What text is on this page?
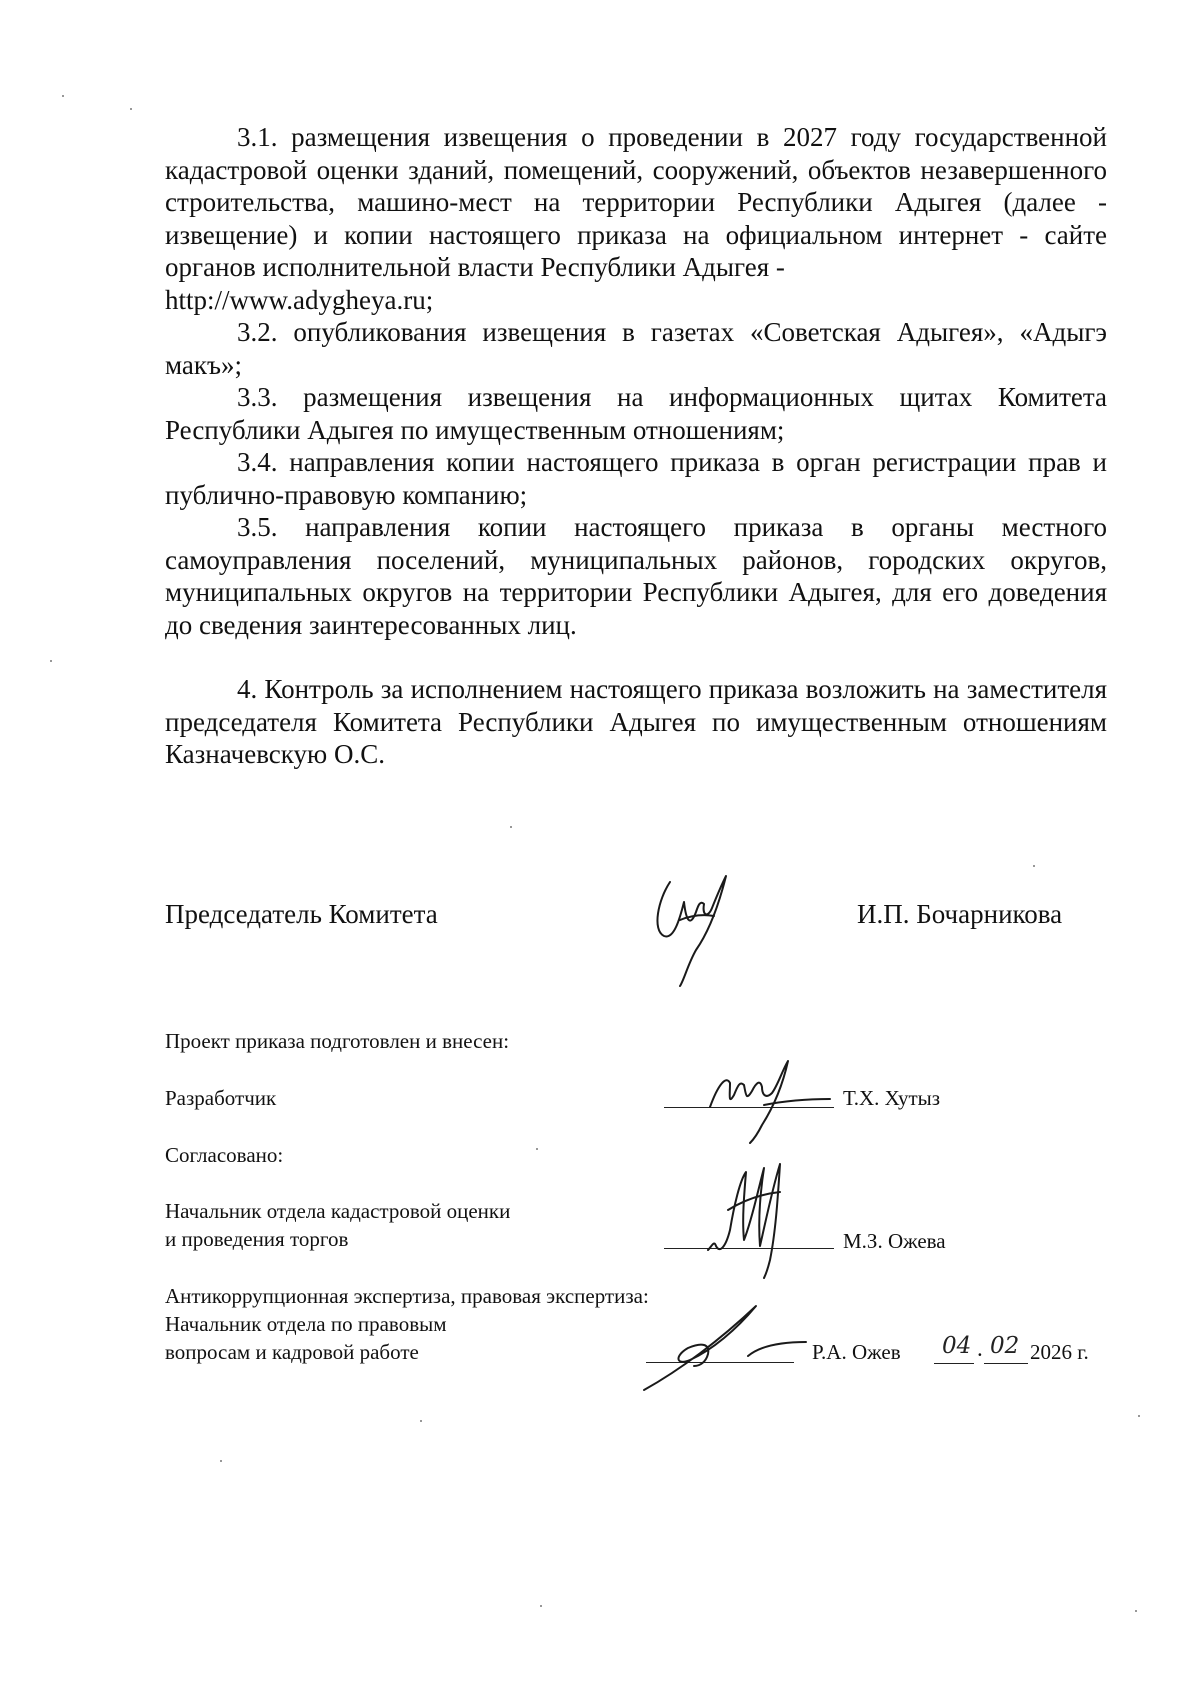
3.1. размещения извещения о проведении в 2027 году государственной кадастровой оценки зданий, помещений, сооружений, объектов незавершенного строительства, машино-мест на территории Республики Адыгея (далее - извещение) и копии настоящего приказа на официальном интернет - сайте органов исполнительной власти Республики Адыгея -
http://www.adygheya.ru;

3.2. опубликования извещения в газетах «Советская Адыгея», «Адыгэ макъ»;

3.3. размещения извещения на информационных щитах Комитета Республики Адыгея по имущественным отношениям;

3.4. направления копии настоящего приказа в орган регистрации прав и публично-правовую компанию;

3.5. направления копии настоящего приказа в органы местного самоуправления поселений, муниципальных районов, городских округов, муниципальных округов на территории Республики Адыгея, для его доведения до сведения заинтересованных лиц.

4. Контроль за исполнением настоящего приказа возложить на заместителя председателя Комитета Республики Адыгея по имущественным отношениям Казначевскую О.С.

Председатель Комитета	И.П. Бочарникова
Проект приказа подготовлен и внесен:
Разработчик	Т.Х. Хутыз
Согласовано:
Начальник отдела кадастровой оценки
и проведения торгов	М.З. Ожева
Антикоррупционная экспертиза, правовая экспертиза:
Начальник отдела по правовым
вопросам и кадровой работе	Р.А. Ожев 04 . 02 2026 г.
